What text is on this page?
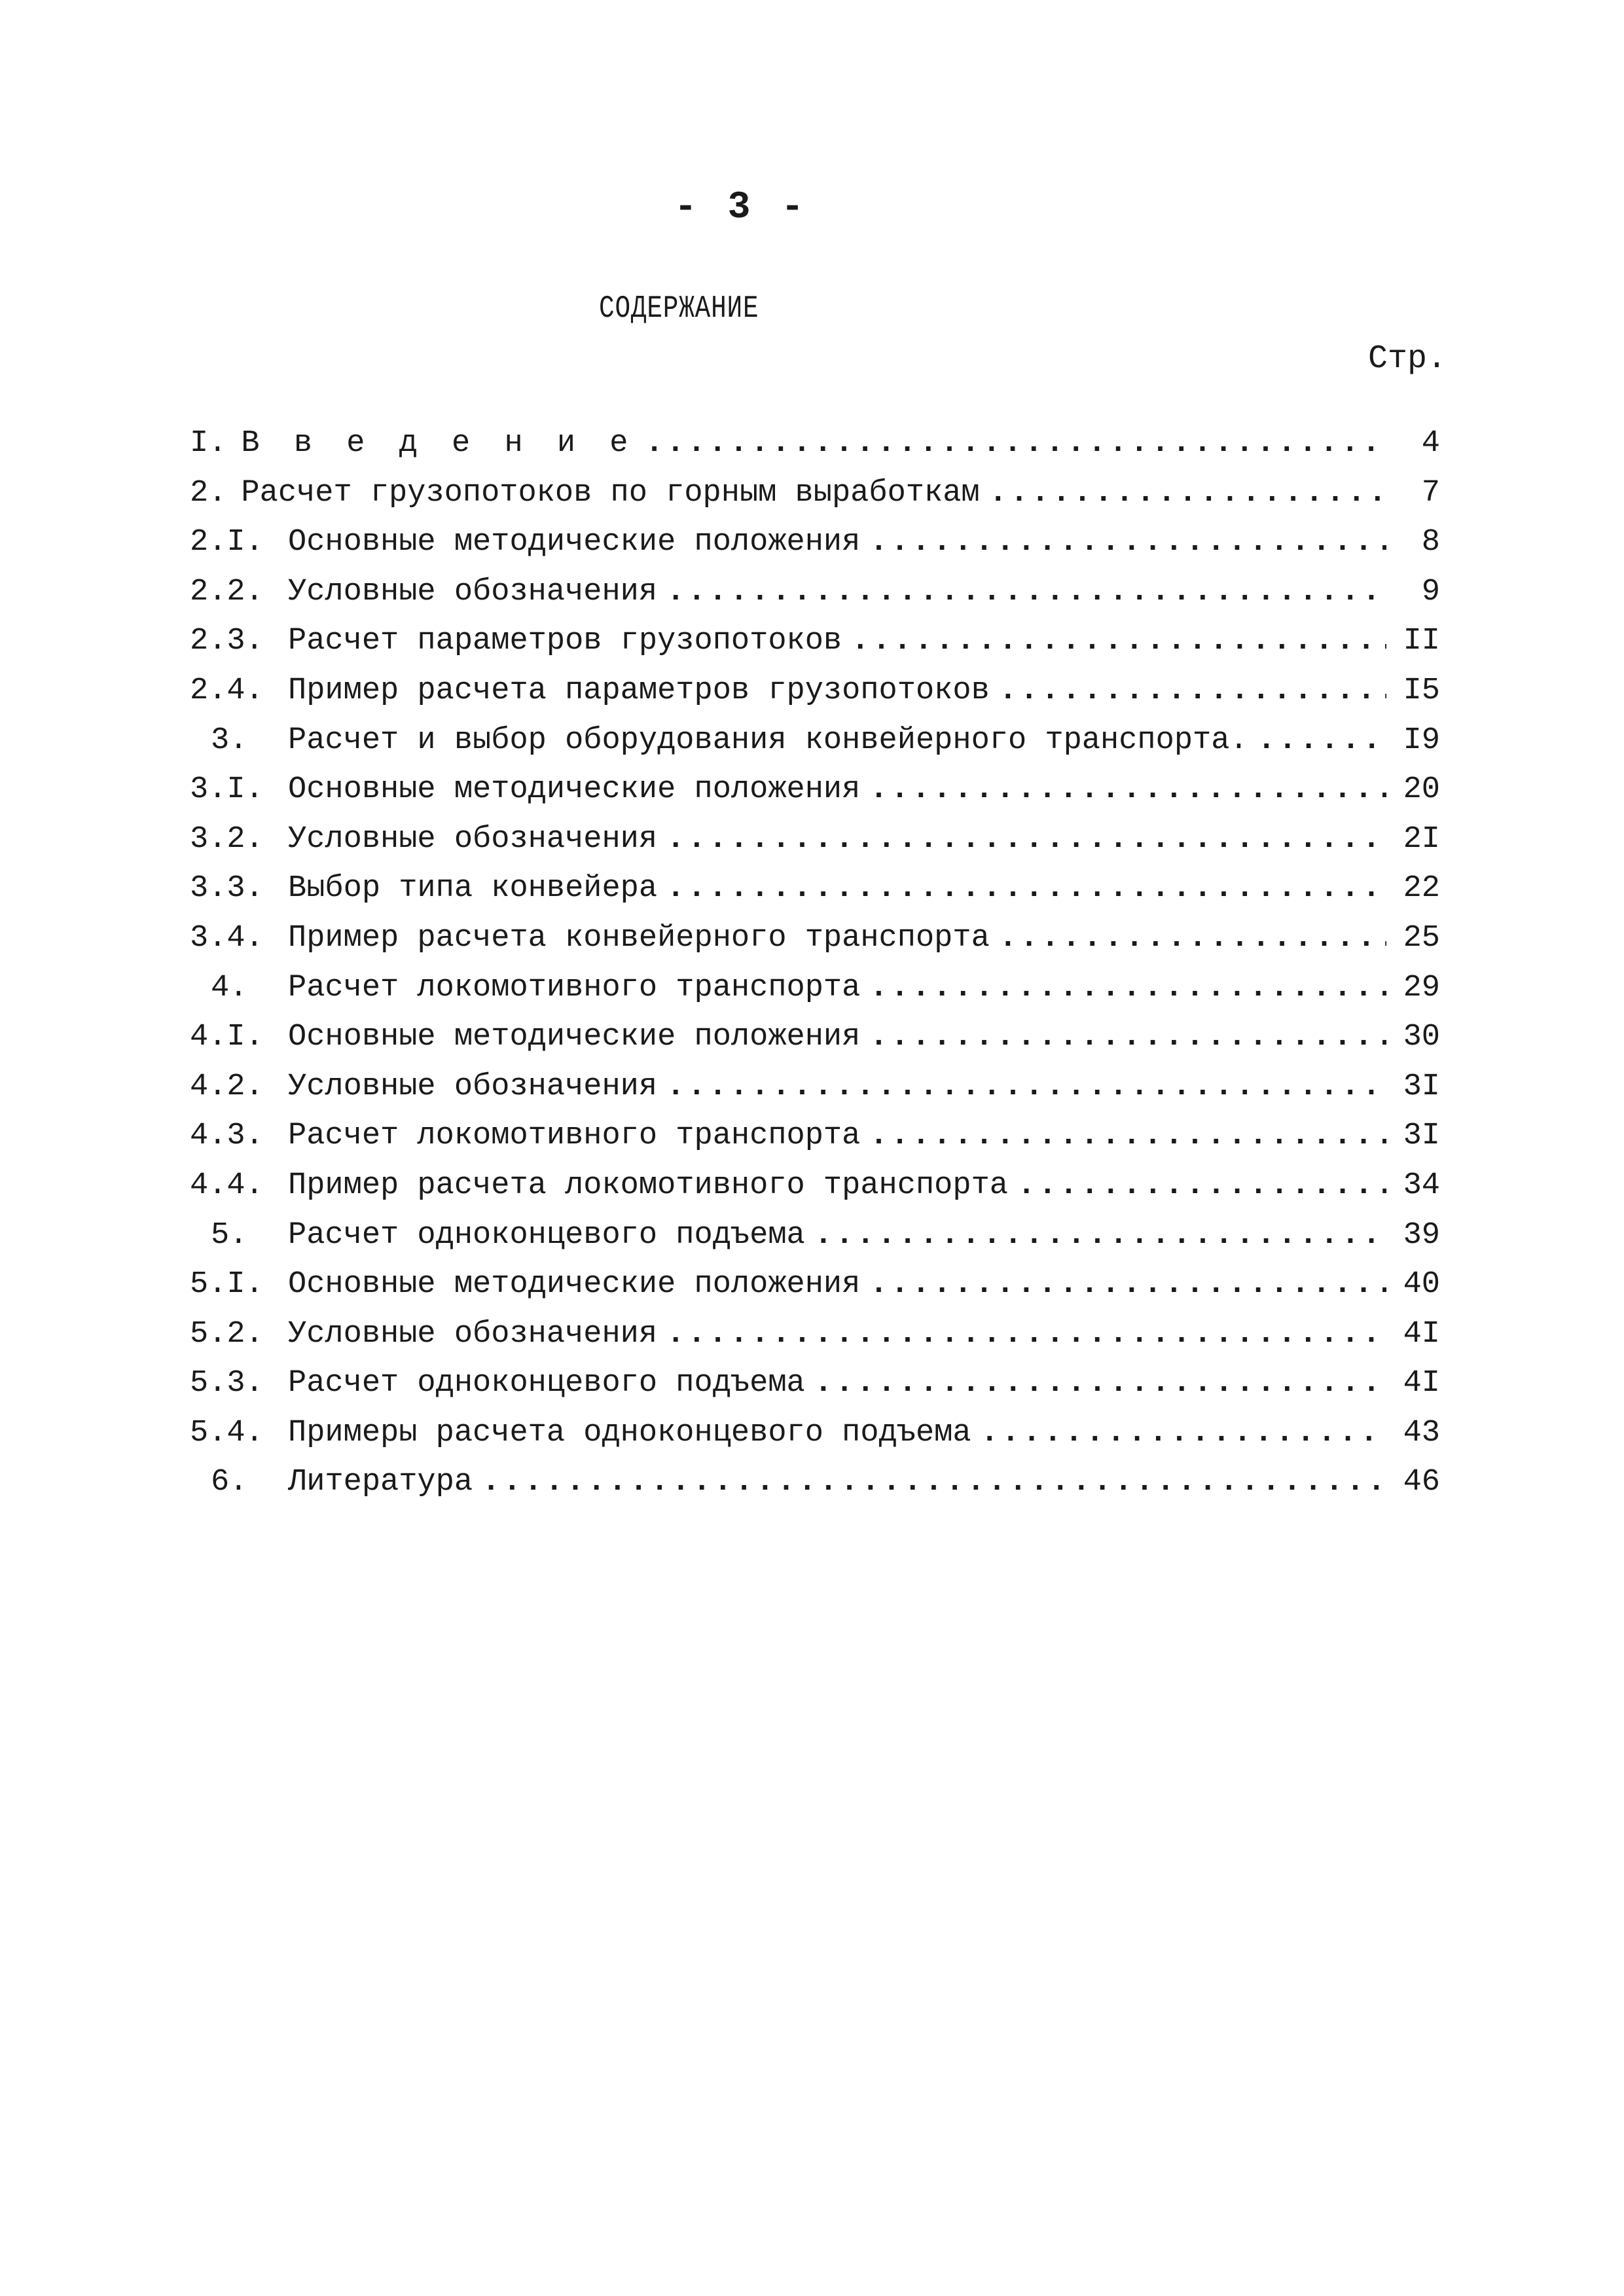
- 3 -
СОДЕРЖАНИЕ
Стр.
I. В в е д е н и е .....	4
2. Расчет грузопотоков по горным выработкам .....	7
2.I. Основные методические положения .....	8
2.2. Условные обозначения .....	9
2.3. Расчет параметров грузопотоков .....	II
2.4. Пример расчета параметров грузопотоков .....	I5
3.	Расчет и выбор оборудования конвейерного транспорта. .....	I9
3.I. Основные методические положения .....	20
3.2. Условные обозначения .....	2I
3.3. Выбор типа конвейера .....	22
3.4. Пример расчета конвейерного транспорта .....	25
4.	Расчет локомотивного транспорта .....	29
4.I. Основные методические положения .....	30
4.2. Условные обозначения .....	3I
4.3. Расчет локомотивного транспорта .....	3I
4.4. Пример расчета локомотивного транспорта .....	34
5.	Расчет одноконцевого подъема .....	39
5.I. Основные методические положения .....	40
5.2. Условные обозначения .....	4I
5.3. Расчет одноконцевого подъема .....	4I
5.4. Примеры расчета одноконцевого подъема .....	43
6.	Литература .....	46
